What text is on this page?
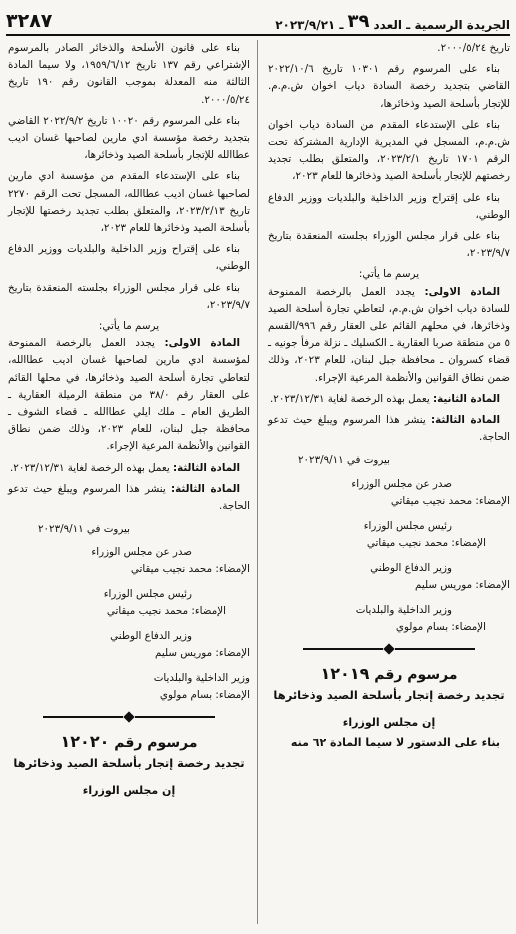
الجريدة الرسمية ـ العدد
٣٩
ـ ٢٠٢٣/٩/٢١
٣٢٨٧
تاريخ ٢٠٠٠/٥/٢٤.
بناء على المرسوم رقم ١٠٣٠١ تاريخ ٢٠٢٢/١٠/٦ القاضي بتجديد رخصة السادة دياب اخوان ش.م.م. للإتجار بأسلحة الصيد وذخائرها،
بناء على الإستدعاء المقدم من السادة دياب اخوان ش.م.م، المسجل في المديرية الإدارية المشتركة تحت الرقم ١٧٠١ تاريخ ٢٠٢٣/٢/١، والمتعلق بطلب تجديد رخصتهم للإتجار بأسلحة الصيد وذخائرها للعام ٢٠٢٣،
بناء على إقتراح وزير الداخلية والبلديات ووزير الدفاع الوطني،
بناء على قرار مجلس الوزراء بجلسته المنعقدة بتاريخ ٢٠٢٣/٩/٧،
يرسم ما يأتي:
المادة الاولى: يجدد العمل بالرخصة الممنوحة للسادة دياب اخوان ش.م.م، لتعاطي تجارة أسلحة الصيد وذخائرها، في محلهم القائم على العقار رقم ٩٩٦/القسم ٥ من منطقة صربا العقارية ـ الكسليك ـ نزلة مرفأ جونيه ـ قضاء كسروان ـ محافظة جبل لبنان، للعام ٢٠٢٣، وذلك ضمن نطاق القوانين والأنظمة المرعية الإجراء.
المادة الثانية: يعمل بهذه الرخصة لغاية ٢٠٢٣/١٢/٣١.
المادة الثالثة: ينشر هذا المرسوم ويبلغ حيث تدعو الحاجة.
بيروت في ٢٠٢٣/٩/١١
صدر عن مجلس الوزراء
الإمضاء: محمد نجيب ميقاتي
رئيس مجلس الوزراء
الإمضاء: محمد نجيب ميقاتي
وزير الدفاع الوطني
الإمضاء: موريس سليم
وزير الداخلية والبلديات
الإمضاء: بسام مولوي
مرسوم رقم ١٢٠١٩
تجديد رخصة إتجار بأسلحة الصيد وذخائرها
إن مجلس الوزراء
بناء على الدستور لا سيما المادة ٦٢ منه
بناء على قانون الأسلحة والذخائر الصادر بالمرسوم الإشتراعي رقم ١٣٧ تاريخ ١٩٥٩/٦/١٢، ولا سيما المادة الثالثة منه المعدلة بموجب القانون رقم ١٩٠ تاريخ ٢٠٠٠/٥/٢٤.
بناء على المرسوم رقم ١٠٠٢٠ تاريخ ٢٠٢٢/٩/٢ القاضي بتجديد رخصة مؤسسة ادي مارين لصاحبها غسان اديب عطاالله للإتجار بأسلحة الصيد وذخائرها،
بناء على الإستدعاء المقدم من مؤسسة ادي مارين لصاحبها غسان اديب عطاالله، المسجل تحت الرقم ٢٢٧٠ تاريخ ٢٠٢٣/٢/١٣، والمتعلق بطلب تجديد رخصتها للإتجار بأسلحة الصيد وذخائرها للعام ٢٠٢٣،
بناء على إقتراح وزير الداخلية والبلديات ووزير الدفاع الوطني،
بناء على قرار مجلس الوزراء بجلسته المنعقدة بتاريخ ٢٠٢٣/٩/٧،
يرسم ما يأتي:
المادة الاولى: يجدد العمل بالرخصة الممنوحة لمؤسسة ادي مارين لصاحبها غسان اديب عطاالله، لتعاطي تجارة أسلحة الصيد وذخائرها، في محلها القائم على العقار رقم ٣٨/٠ من منطقة الرميلة العقارية ـ الطريق العام ـ ملك ايلي عطاالله ـ قضاء الشوف ـ محافظة جبل لبنان، للعام ٢٠٢٣، وذلك ضمن نطاق القوانين والأنظمة المرعية الإجراء.
المادة الثالثة: يعمل بهذه الرخصة لغاية ٢٠٢٣/١٢/٣١.
المادة الثالثة: ينشر هذا المرسوم ويبلغ حيث تدعو الحاجة.
بيروت في ٢٠٢٣/٩/١١
صدر عن مجلس الوزراء
الإمضاء: محمد نجيب ميقاتي
رئيس مجلس الوزراء
الإمضاء: محمد نجيب ميقاتي
وزير الدفاع الوطني
الإمضاء: موريس سليم
وزير الداخلية والبلديات
الإمضاء: بسام مولوي
مرسوم رقم ١٢٠٢٠
تجديد رخصة إتجار بأسلحة الصيد وذخائرها
إن مجلس الوزراء
